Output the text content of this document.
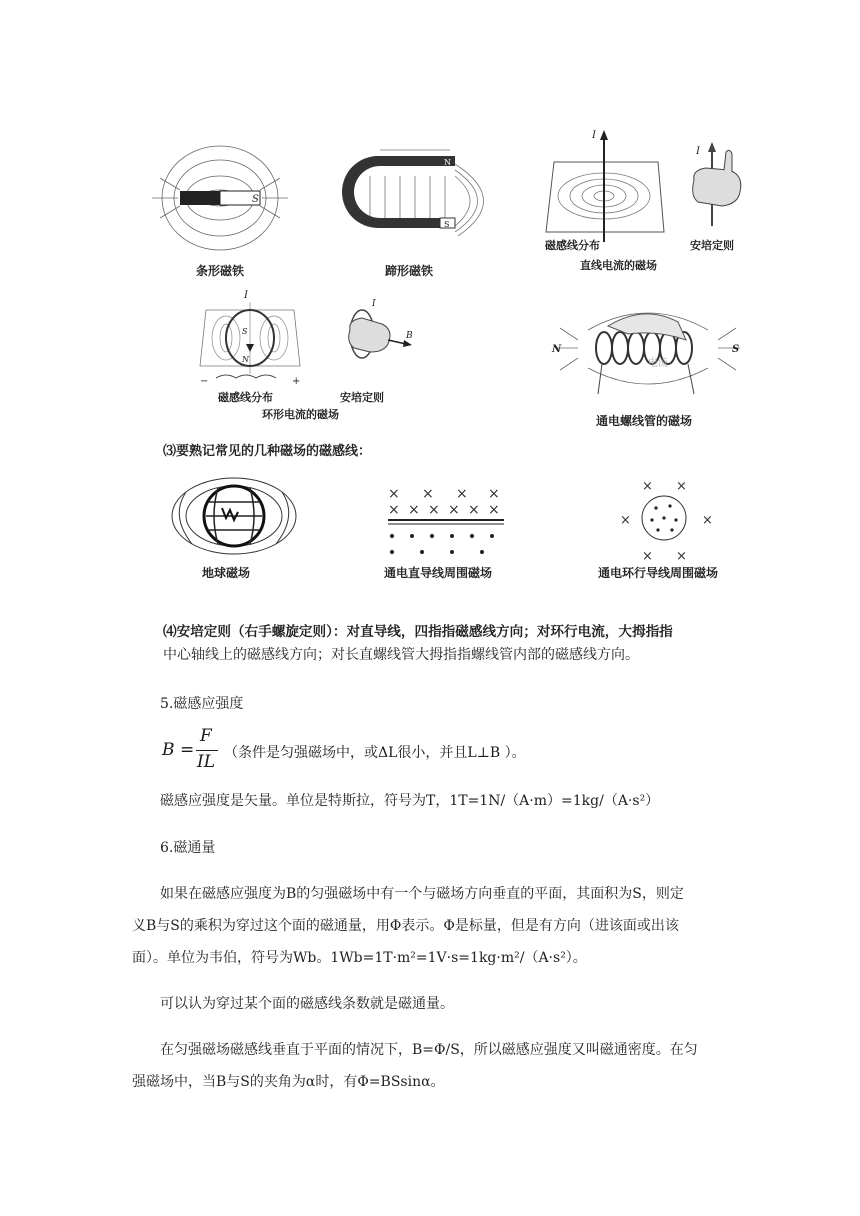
S
条形磁铁
N
S
蹄形磁铁
I
I
磁感线分布
直线电流的磁场
安培定则
I
S
N
−	+
I
B
磁感线分布	安培定则
环形电流的磁场
N	S
电流
通电螺线管的磁场
⑶要熟记常见的几种磁场的磁感线：
地球磁场
× × × ×
× × × × × ×
通电直导线周围磁场
× ×
×	×
× ×
通电环行导线周围磁场
⑷安培定则（右手螺旋定则）：对直导线，四指指磁感线方向；对环行电流，大拇指指
中心轴线上的磁感线方向；对长直螺线管大拇指指螺线管内部的磁感线方向。
5.磁感应强度
B =
F
IL （条件是匀强磁场中，或ΔL很小，并且L⊥B ）。
磁感应强度是矢量。单位是特斯拉，符号为T，1T=1N/（A·m）=1kg/（A·s²）
6.磁通量
如果在磁感应强度为B的匀强磁场中有一个与磁场方向垂直的平面，其面积为S，则定
义B与S的乘积为穿过这个面的磁通量，用Φ表示。Φ是标量，但是有方向（进该面或出该
面）。单位为韦伯，符号为Wb。1Wb=1T·m²=1V·s=1kg·m²/（A·s²）。
可以认为穿过某个面的磁感线条数就是磁通量。
在匀强磁场磁感线垂直于平面的情况下，B=Φ/S，所以磁感应强度又叫磁通密度。在匀
强磁场中，当B与S的夹角为α时，有Φ=BSsinα。
